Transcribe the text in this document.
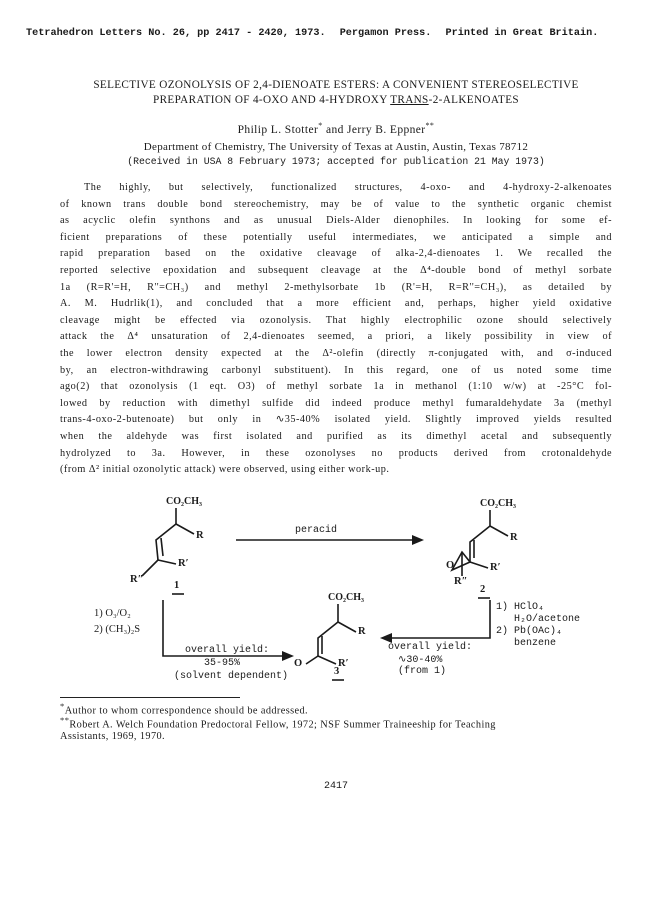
Tetrahedron Letters No. 26, pp 2417 - 2420, 1973. Pergamon Press. Printed in Great Britain.
SELECTIVE OZONOLYSIS OF 2,4-DIENOATE ESTERS: A CONVENIENT STEREOSELECTIVE
PREPARATION OF 4-OXO AND 4-HYDROXY TRANS-2-ALKENOATES
Philip L. Stotter* and Jerry B. Eppner**
Department of Chemistry, The University of Texas at Austin, Austin, Texas 78712
(Received in USA 8 February 1973; accepted for publication 21 May 1973)
The highly, but selectively, functionalized structures, 4-oxo- and 4-hydroxy-2-alkenoates
of known trans double bond stereochemistry, may be of value to the synthetic organic chemist
as acyclic olefin synthons and as unusual Diels-Alder dienophiles. In looking for some ef-
ficient preparations of these potentially useful intermediates, we anticipated a simple and
rapid preparation based on the oxidative cleavage of alka-2,4-dienoates 1. We recalled the
reported selective epoxidation and subsequent cleavage at the Δ⁴-double bond of methyl sorbate
1a (R=R'=H, R''=CH₃) and methyl 2-methylsorbate 1b (R'=H, R=R''=CH₃), as detailed by
A. M. Hudrlik(1), and concluded that a more efficient and, perhaps, higher yield oxidative
cleavage might be effected via ozonolysis. That highly electrophilic ozone should selectively
attack the Δ⁴ unsaturation of 2,4-dienoates seemed, a priori, a likely possibility in view of
the lower electron density expected at the Δ²-olefin (directly π-conjugated with, and σ-induced
by, an electron-withdrawing carbonyl substituent). In this regard, one of us noted some time
ago(2) that ozonolysis (1 eqt. O3) of methyl sorbate 1a in methanol (1:10 w/w) at -25°C fol-
lowed by reduction with dimethyl sulfide did indeed produce methyl fumaraldehydate 3a (methyl
trans-4-oxo-2-butenoate) but only in ∿35-40% isolated yield. Slightly improved yields resulted
when the aldehyde was first isolated and purified as its dimethyl acetal and subsequently
hydrolyzed to 3a. However, in these ozonolyses no products derived from crotonaldehyde
(from Δ² initial ozonolytic attack) were observed, using either work-up.
CO₂CH₃
R
R′
R″
1
peracid
CO₂CH₃
R
O	R′
R″
2
1) O₃/O₂
2) (CH₃)₂S
overall yield:
35-95%
(solvent dependent)
CO₂CH₃
R
O	R′
3
1) HClO₄
H₂O/acetone
2) Pb(OAc)₄
benzene
overall yield:
∿30-40%
(from 1)
*Author to whom correspondence should be addressed.
**Robert A. Welch Foundation Predoctoral Fellow, 1972; NSF Summer Traineeship for Teaching
Assistants, 1969, 1970.
2417
